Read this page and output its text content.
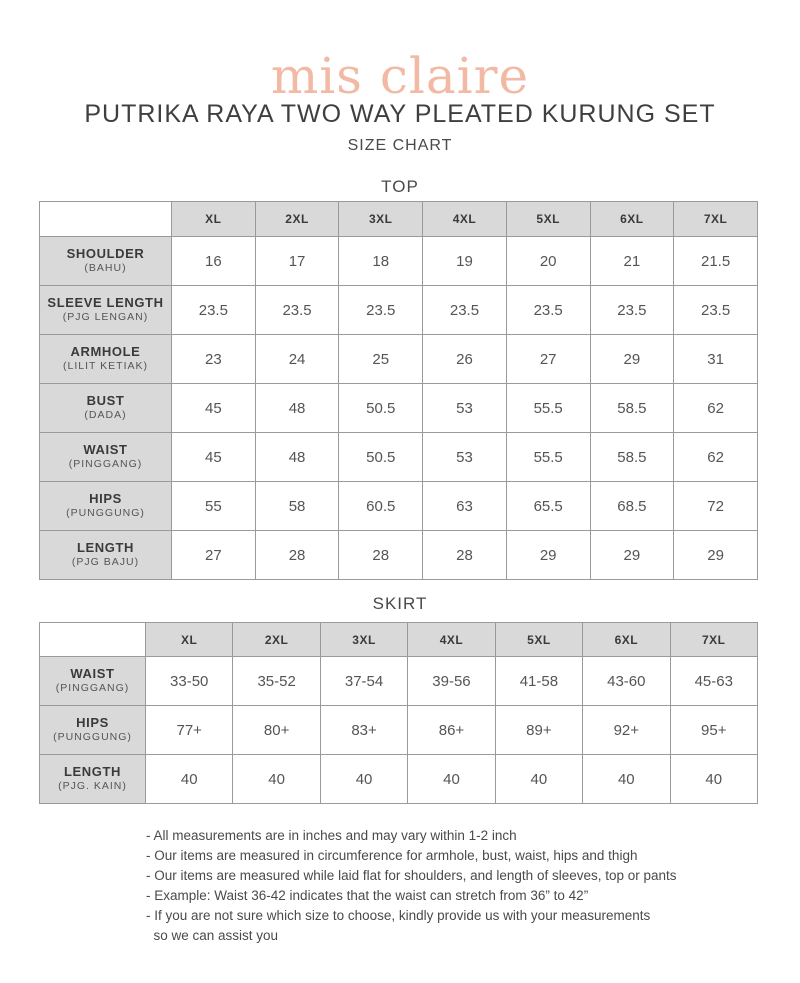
mis claire
PUTRIKA RAYA TWO WAY PLEATED KURUNG SET
SIZE CHART
TOP
	XL	2XL	3XL	4XL	5XL	6XL	7XL

SHOULDER
(BAHU)	16	17	18	19	20	21	21.5

SLEEVE LENGTH
(PJG LENGAN)	23.5	23.5	23.5	23.5	23.5	23.5	23.5

ARMHOLE
(LILIT KETIAK)	23	24	25	26	27	29	31

BUST
(DADA)	45	48	50.5	53	55.5	58.5	62

WAIST
(PINGGANG)	45	48	50.5	53	55.5	58.5	62

HIPS
(PUNGGUNG)	55	58	60.5	63	65.5	68.5	72

LENGTH
(PJG BAJU)	27	28	28	28	29	29	29
SKIRT
	XL	2XL	3XL	4XL	5XL	6XL	7XL

WAIST
(PINGGANG)	33-50	35-52	37-54	39-56	41-58	43-60	45-63

HIPS
(PUNGGUNG)	77+	80+	83+	86+	89+	92+	95+

LENGTH
(PJG. KAIN)	40	40	40	40	40	40	40
- All measurements are in inches and may vary within 1-2 inch
- Our items are measured in circumference for armhole, bust, waist, hips and thigh
- Our items are measured while laid flat for shoulders, and length of sleeves, top or pants
- Example: Waist 36-42 indicates that the waist can stretch from 36” to 42”
- If you are not sure which size to choose, kindly provide us with your measurements
so we can assist you
